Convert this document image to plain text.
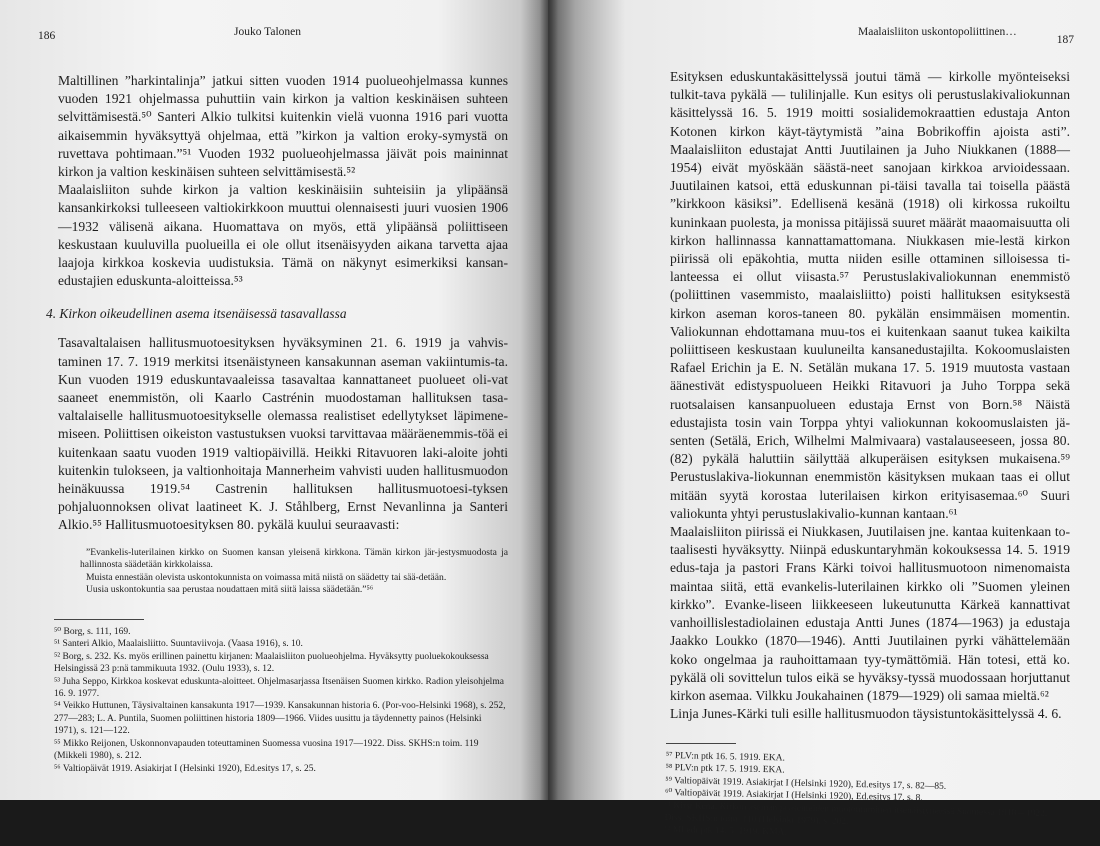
186	Jouko Talonen

Maltillinen ”harkintalinja” jatkui sitten vuoden 1914 puolueohjelmassa kunnes vuoden 1921 ohjelmassa puhuttiin vain kirkon ja valtion keskinäisen suhteen selvittämisestä.⁵⁰ Santeri Alkio tulkitsi kuitenkin vielä vuonna 1916 pari vuotta aikaisemmin hyväksyttyä ohjelmaa, että ”kirkon ja valtion eroky-symystä on ruvettava pohtimaan.”⁵¹ Vuoden 1932 puolueohjelmassa jäivät pois maininnat kirkon ja valtion keskinäisen suhteen selvittämisestä.⁵²

Maalaisliiton suhde kirkon ja valtion keskinäisiin suhteisiin ja ylipäänsä kansankirkoksi tulleeseen valtiokirkkoon muuttui olennaisesti juuri vuosien 1906—1932 välisenä aikana. Huomattava on myös, että ylipäänsä poliittiseen keskustaan kuuluvilla puolueilla ei ole ollut itsenäisyyden aikana tarvetta ajaa laajoja kirkkoa koskevia uudistuksia. Tämä on näkynyt esimerkiksi kansan-edustajien eduskunta-aloitteissa.⁵³

4. Kirkon oikeudellinen asema itsenäisessä tasavallassa

Tasavaltalaisen hallitusmuotoesityksen hyväksyminen 21. 6. 1919 ja vahvis-taminen 17. 7. 1919 merkitsi itsenäistyneen kansakunnan aseman vakiintumis-ta. Kun vuoden 1919 eduskuntavaaleissa tasavaltaa kannattaneet puolueet oli-vat saaneet enemmistön, oli Kaarlo Castrénin muodostaman hallituksen tasa-valtalaiselle hallitusmuotoesitykselle olemassa realistiset edellytykset läpimene-miseen. Poliittisen oikeiston vastustuksen vuoksi tarvittavaa määräenemmis-töä ei kuitenkaan saatu vuoden 1919 valtiopäivillä. Heikki Ritavuoren laki-aloite johti kuitenkin tulokseen, ja valtionhoitaja Mannerheim vahvisti uuden hallitusmuodon heinäkuussa 1919.⁵⁴ Castrenin hallituksen hallitusmuotoesi-tyksen pohjaluonnoksen olivat laatineet K. J. Ståhlberg, Ernst Nevanlinna ja Santeri Alkio.⁵⁵ Hallitusmuotoesityksen 80. pykälä kuului seuraavasti:

”Evankelis-luterilainen kirkko on Suomen kansan yleisenä kirkkona. Tämän kirkon jär-jestysmuodosta ja hallinnosta säädetään kirkkolaissa.

Muista ennestään olevista uskontokunnista on voimassa mitä niistä on säädetty tai sää-detään.

Uusia uskontokuntia saa perustaa noudattaen mitä siitä laissa säädetään.”⁵⁶

⁵⁰ Borg, s. 111, 169.

⁵¹ Santeri Alkio, Maalaisliitto. Suuntaviivoja. (Vaasa 1916), s. 10.

⁵² Borg, s. 232. Ks. myös erillinen painettu kirjanen: Maalaisliiton puolueohjelma. Hyväksytty puoluekokouksessa Helsingissä 23 p:nä tammikuuta 1932. (Oulu 1933), s. 12.

⁵³ Juha Seppo, Kirkkoa koskevat eduskunta-aloitteet. Ohjelmasarjassa Itsenäisen Suomen kirkko. Radion yleisohjelma 16. 9. 1977.

⁵⁴ Veikko Huttunen, Täysivaltainen kansakunta 1917—1939. Kansakunnan historia 6. (Por-voo-Helsinki 1968), s. 252, 277—283; L. A. Puntila, Suomen poliittinen historia 1809—1966. Viides uusittu ja täydennetty painos (Helsinki 1971), s. 121—122.

⁵⁵ Mikko Reijonen, Uskonnonvapauden toteuttaminen Suomessa vuosina 1917—1922. Diss. SKHS:n toim. 119 (Mikkeli 1980), s. 212.

⁵⁶ Valtiopäivät 1919. Asiakirjat I (Helsinki 1920), Ed.esitys 17, s. 25.

Maalaisliiton uskontopoliittinen…
187

Esityksen eduskuntakäsittelyssä joutui tämä — kirkolle myönteiseksi tulkit-tava pykälä — tulilinjalle. Kun esitys oli perustuslakivaliokunnan käsittelyssä 16. 5. 1919 moitti sosialidemokraattien edustaja Anton Kotonen kirkon käyt-täytymistä ”aina Bobrikoffin ajoista asti”. Maalaisliiton edustajat Antti Juutilainen ja Juho Niukkanen (1888—1954) eivät myöskään säästä-neet sanojaan kirkkoa arvioidessaan. Juutilainen katsoi, että eduskunnan pi-täisi tavalla tai toisella päästä ”kirkkoon käsiksi”. Edellisenä kesänä (1918) oli kirkossa rukoiltu kuninkaan puolesta, ja monissa pitäjissä suuret määrät maaomaisuutta oli kirkon hallinnassa kannattamattomana. Niukkasen mie-lestä kirkon piirissä oli epäkohtia, mutta niiden esille ottaminen silloisessa ti-lanteessa ei ollut viisasta.⁵⁷ Perustuslakivaliokunnan enemmistö (poliittinen vasemmisto, maalaisliitto) poisti hallituksen esityksestä kirkon aseman koros-taneen 80. pykälän ensimmäisen momentin. Valiokunnan ehdottamana muu-tos ei kuitenkaan saanut tukea kaikilta poliittiseen keskustaan kuuluneilta kansanedustajilta. Kokoomuslaisten Rafael Erichin ja E. N. Setälän mukana 17. 5. 1919 muutosta vastaan äänestivät edistyspuolueen Heikki Ritavuori ja Juho Torppa sekä ruotsalaisen kansanpuolueen edustaja Ernst von Born.⁵⁸ Näistä edustajista tosin vain Torppa yhtyi valiokunnan kokoomuslaisten jä-senten (Setälä, Erich, Wilhelmi Malmivaara) vastalauseeseen, jossa 80. (82) pykälä haluttiin säilyttää alkuperäisen esityksen mukaisena.⁵⁹ Perustuslakiva-liokunnan enemmistön käsityksen mukaan taas ei ollut mitään syytä korostaa luterilaisen kirkon erityisasemaa.⁶⁰ Suuri valiokunta yhtyi perustuslakivalio-kunnan kantaan.⁶¹

Maalaisliiton piirissä ei Niukkasen, Juutilaisen jne. kantaa kuitenkaan to-taalisesti hyväksytty. Niinpä eduskuntaryhmän kokouksessa 14. 5. 1919 edus-taja ja pastori Frans Kärki toivoi hallitusmuotoon nimenomaista maintaa siitä, että evankelis-luterilainen kirkko oli ”Suomen yleinen kirkko”. Evanke-liseen liikkeeseen lukeutunutta Kärkeä kannattivat vanhoillislestadiolainen edustaja Antti Junes (1874—1963) ja edustaja Jaakko Loukko (1870—1946). Antti Juutilainen pyrki vähättelemään koko ongelmaa ja rauhoittamaan tyy-tymättömiä. Hän totesi, että ko. pykälä oli sovittelun tulos eikä se hyväksy-tyssä muodossaan horjuttanut kirkon asemaa. Vilkku Joukahainen (1879—1929) oli samaa mieltä.⁶²

Linja Junes-Kärki tuli esille hallitusmuodon täysistuntokäsittelyssä 4. 6.

⁵⁷ PLV:n ptk 16. 5. 1919. EKA.

⁵⁸ PLV:n ptk 17. 5. 1919. EKA.

⁵⁹ Valtiopäivät 1919. Asiakirjat I (Helsinki 1920), Ed.esitys 17, s. 82—85.

⁶⁰ Valtiopäivät 1919. Asiakirjat I (Helsinki 1920), Ed.esitys 17, s. 8.

⁶¹ Kirsi Kena, Kirkon aseman ja asenteiden muotoutuminen itsenäistyneessä Suomessa 1918—1922. Diss. SKHS:n toim. 110 (Helsinki 1979), s. 202.

⁶² Ml.edr.ptk 14. 5. 1919. KMA.
